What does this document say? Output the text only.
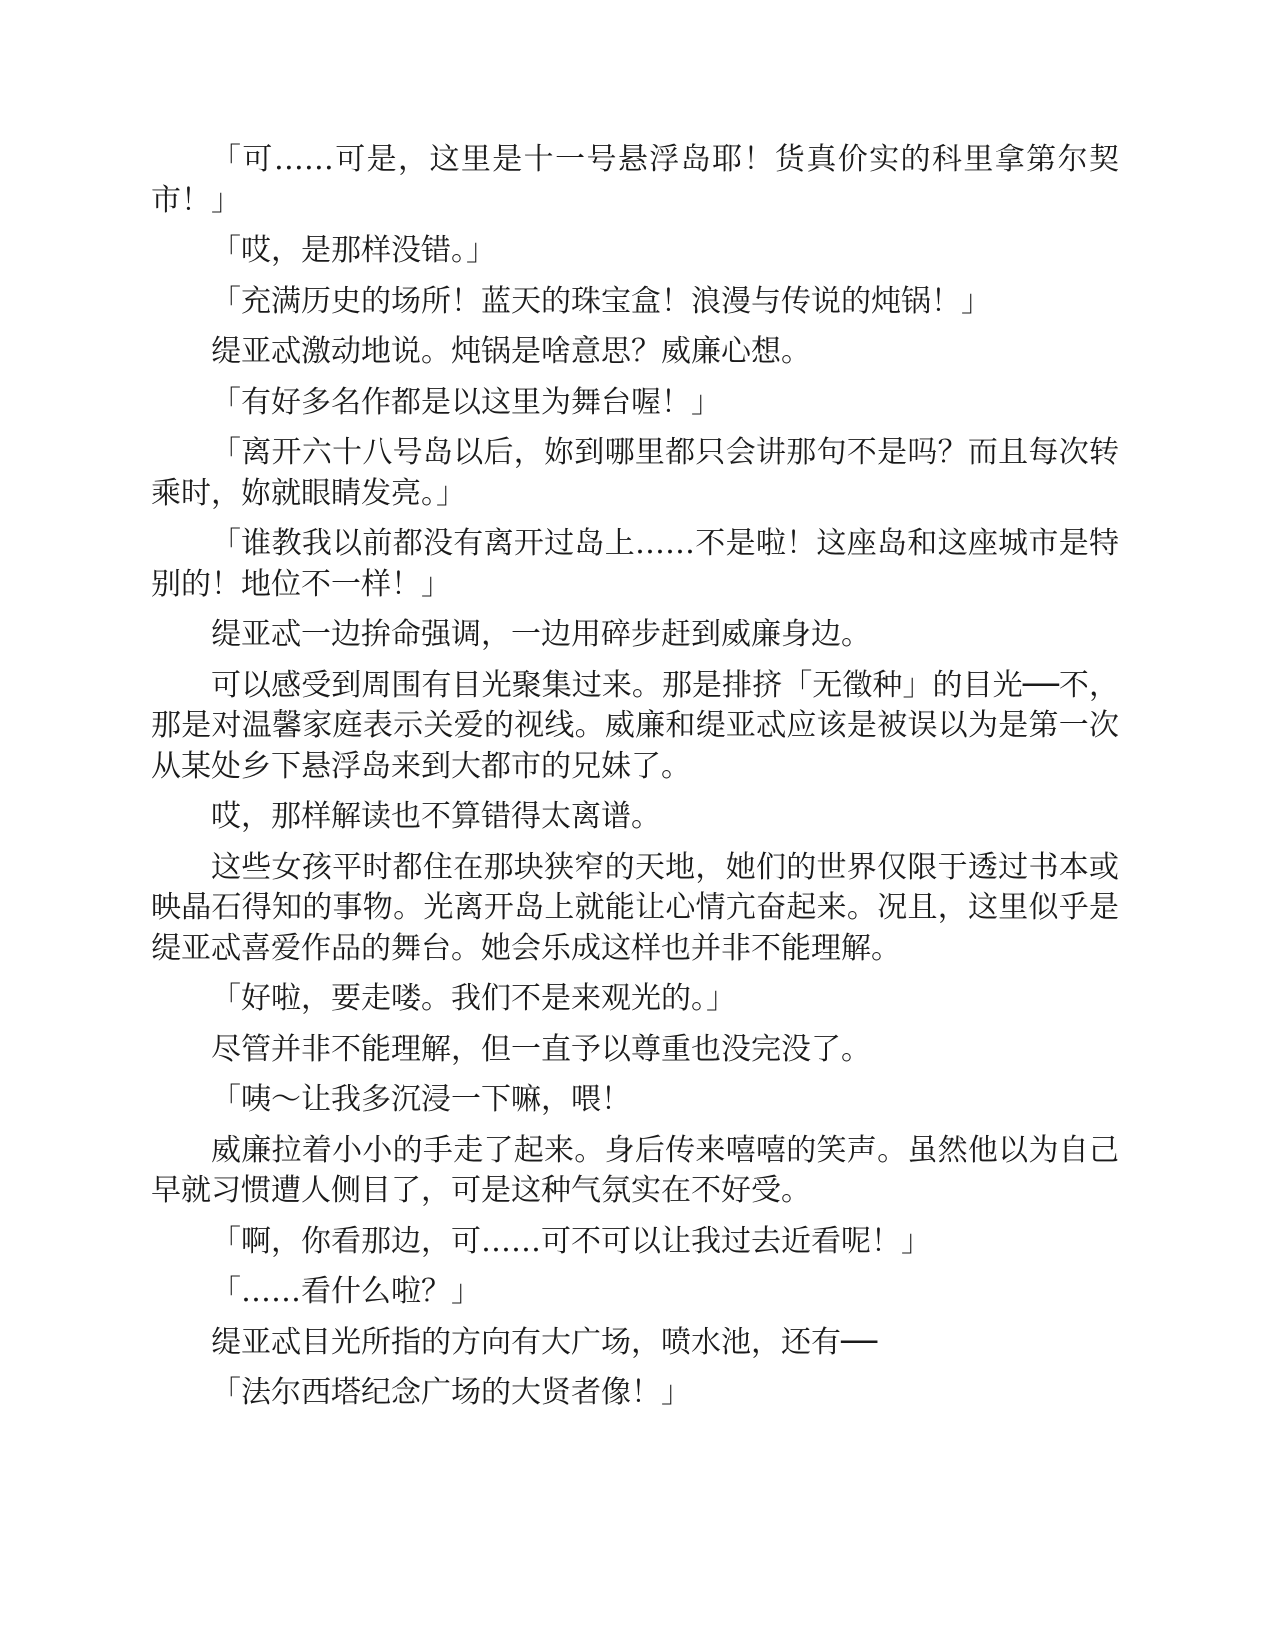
「可……可是，这里是十一号悬浮岛耶！货真价实的科里拿第尔契市！」

「哎，是那样没错。」

「充满历史的场所！蓝天的珠宝盒！浪漫与传说的炖锅！」

缇亚忒激动地说。炖锅是啥意思？威廉心想。

「有好多名作都是以这里为舞台喔！」

「离开六十八号岛以后，妳到哪里都只会讲那句不是吗？而且每次转乘时，妳就眼睛发亮。」

「谁教我以前都没有离开过岛上……不是啦！这座岛和这座城市是特别的！地位不一样！」

缇亚忒一边拚命强调，一边用碎步赶到威廉身边。

可以感受到周围有目光聚集过来。那是排挤「无徵种」的目光──不，那是对温馨家庭表示关爱的视线。威廉和缇亚忒应该是被误以为是第一次从某处乡下悬浮岛来到大都市的兄妹了。

哎，那样解读也不算错得太离谱。

这些女孩平时都住在那块狭窄的天地，她们的世界仅限于透过书本或映晶石得知的事物。光离开岛上就能让心情亢奋起来。况且，这里似乎是缇亚忒喜爱作品的舞台。她会乐成这样也并非不能理解。

「好啦，要走喽。我们不是来观光的。」

尽管并非不能理解，但一直予以尊重也没完没了。

「咦～让我多沉浸一下嘛，喂！

威廉拉着小小的手走了起来。身后传来嘻嘻的笑声。虽然他以为自己早就习惯遭人侧目了，可是这种气氛实在不好受。

「啊，你看那边，可……可不可以让我过去近看呢！」

「……看什么啦？」

缇亚忒目光所指的方向有大广场，喷水池，还有──

「法尔西塔纪念广场的大贤者像！」
